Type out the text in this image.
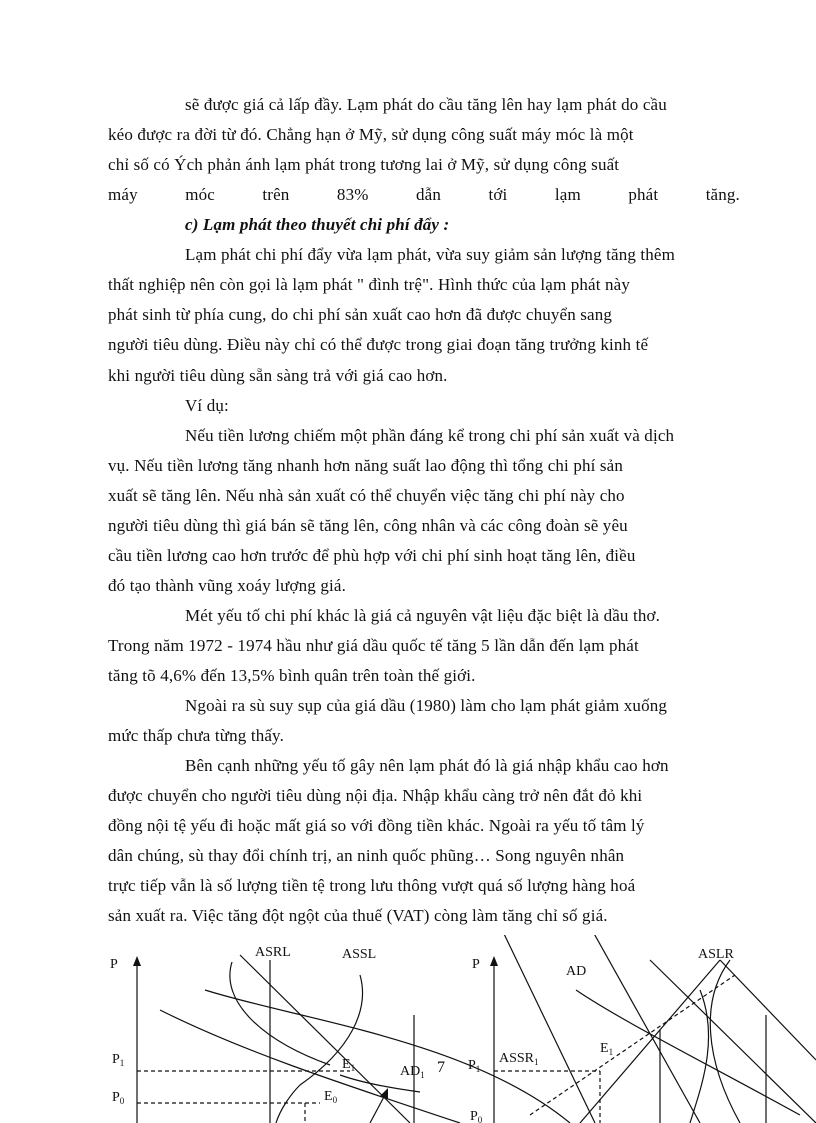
sẽ được giá cả lấp đầy. Lạm phát do cầu tăng lên hay lạm phát do cầu
kéo được ra đời từ đó. Chẳng hạn ở Mỹ, sử dụng công suất máy móc là một
chỉ số có Ých phản ánh lạm phát trong tương lai ở Mỹ, sử dụng công suất
máy	móc	trên	83%	dẫn	tới	lạm	phát	tăng.
c) Lạm phát theo thuyết chi phí đẩy :
Lạm phát chi phí đẩy vừa lạm phát, vừa suy giảm sản lượng tăng thêm
thất nghiệp nên còn gọi là lạm phát " đình trệ". Hình thức của lạm phát này
phát sinh từ phía cung, do chi phí sản xuất cao hơn đã được chuyển sang
người tiêu dùng. Điều này chỉ có thể được trong giai đoạn tăng trưởng kinh tế
khi người tiêu dùng sẵn sàng trả với giá cao hơn.
Ví dụ:
Nếu tiền lương chiếm một phần đáng kể trong chi phí sản xuất và dịch
vụ. Nếu tiền lương tăng nhanh hơn năng suất lao động thì tổng chi phí sản
xuất sẽ tăng lên. Nếu nhà sản xuất có thể chuyển việc tăng chi phí này cho
người tiêu dùng thì giá bán sẽ tăng lên, công nhân và các công đoàn sẽ yêu
cầu tiền lương cao hơn trước để phù hợp với chi phí sinh hoạt tăng lên, điều
đó tạo thành vũng xoáy lượng giá.
Mét yếu tố chi phí khác là giá cả nguyên vật liệu đặc biệt là dầu thơ.
Trong năm 1972 - 1974 hầu như giá dầu quốc tế tăng 5 lần dẫn đến lạm phát
tăng tõ 4,6% đến 13,5% bình quân trên toàn thế giới.
Ngoài ra sù suy sụp của giá dầu (1980) làm cho lạm phát giảm xuống
mức thấp chưa từng thấy.
Bên cạnh những yếu tố gây nên lạm phát đó là giá nhập khẩu cao hơn
được chuyển cho người tiêu dùng nội địa. Nhập khẩu càng trở nên đắt đỏ khi
đồng nội tệ yếu đi hoặc mất giá so với đồng tiền khác. Ngoài ra yếu tố tâm lý
dân chúng, sù thay đổi chính trị, an ninh quốc phũng… Song nguyên nhân
trực tiếp vẫn là số lượng tiền tệ trong lưu thông vượt quá số lượng hàng hoá
sản xuất ra. Việc tăng đột ngột của thuế (VAT) còng làm tăng chỉ số giá.
P
ASRL	ASSL
$P_1$
$P_0$
$E_1$
$E_0$
$AD_1$ 7
P	AD
ASLR
$P_1$
$P_0$
$ASSR_1$
$E_1$
